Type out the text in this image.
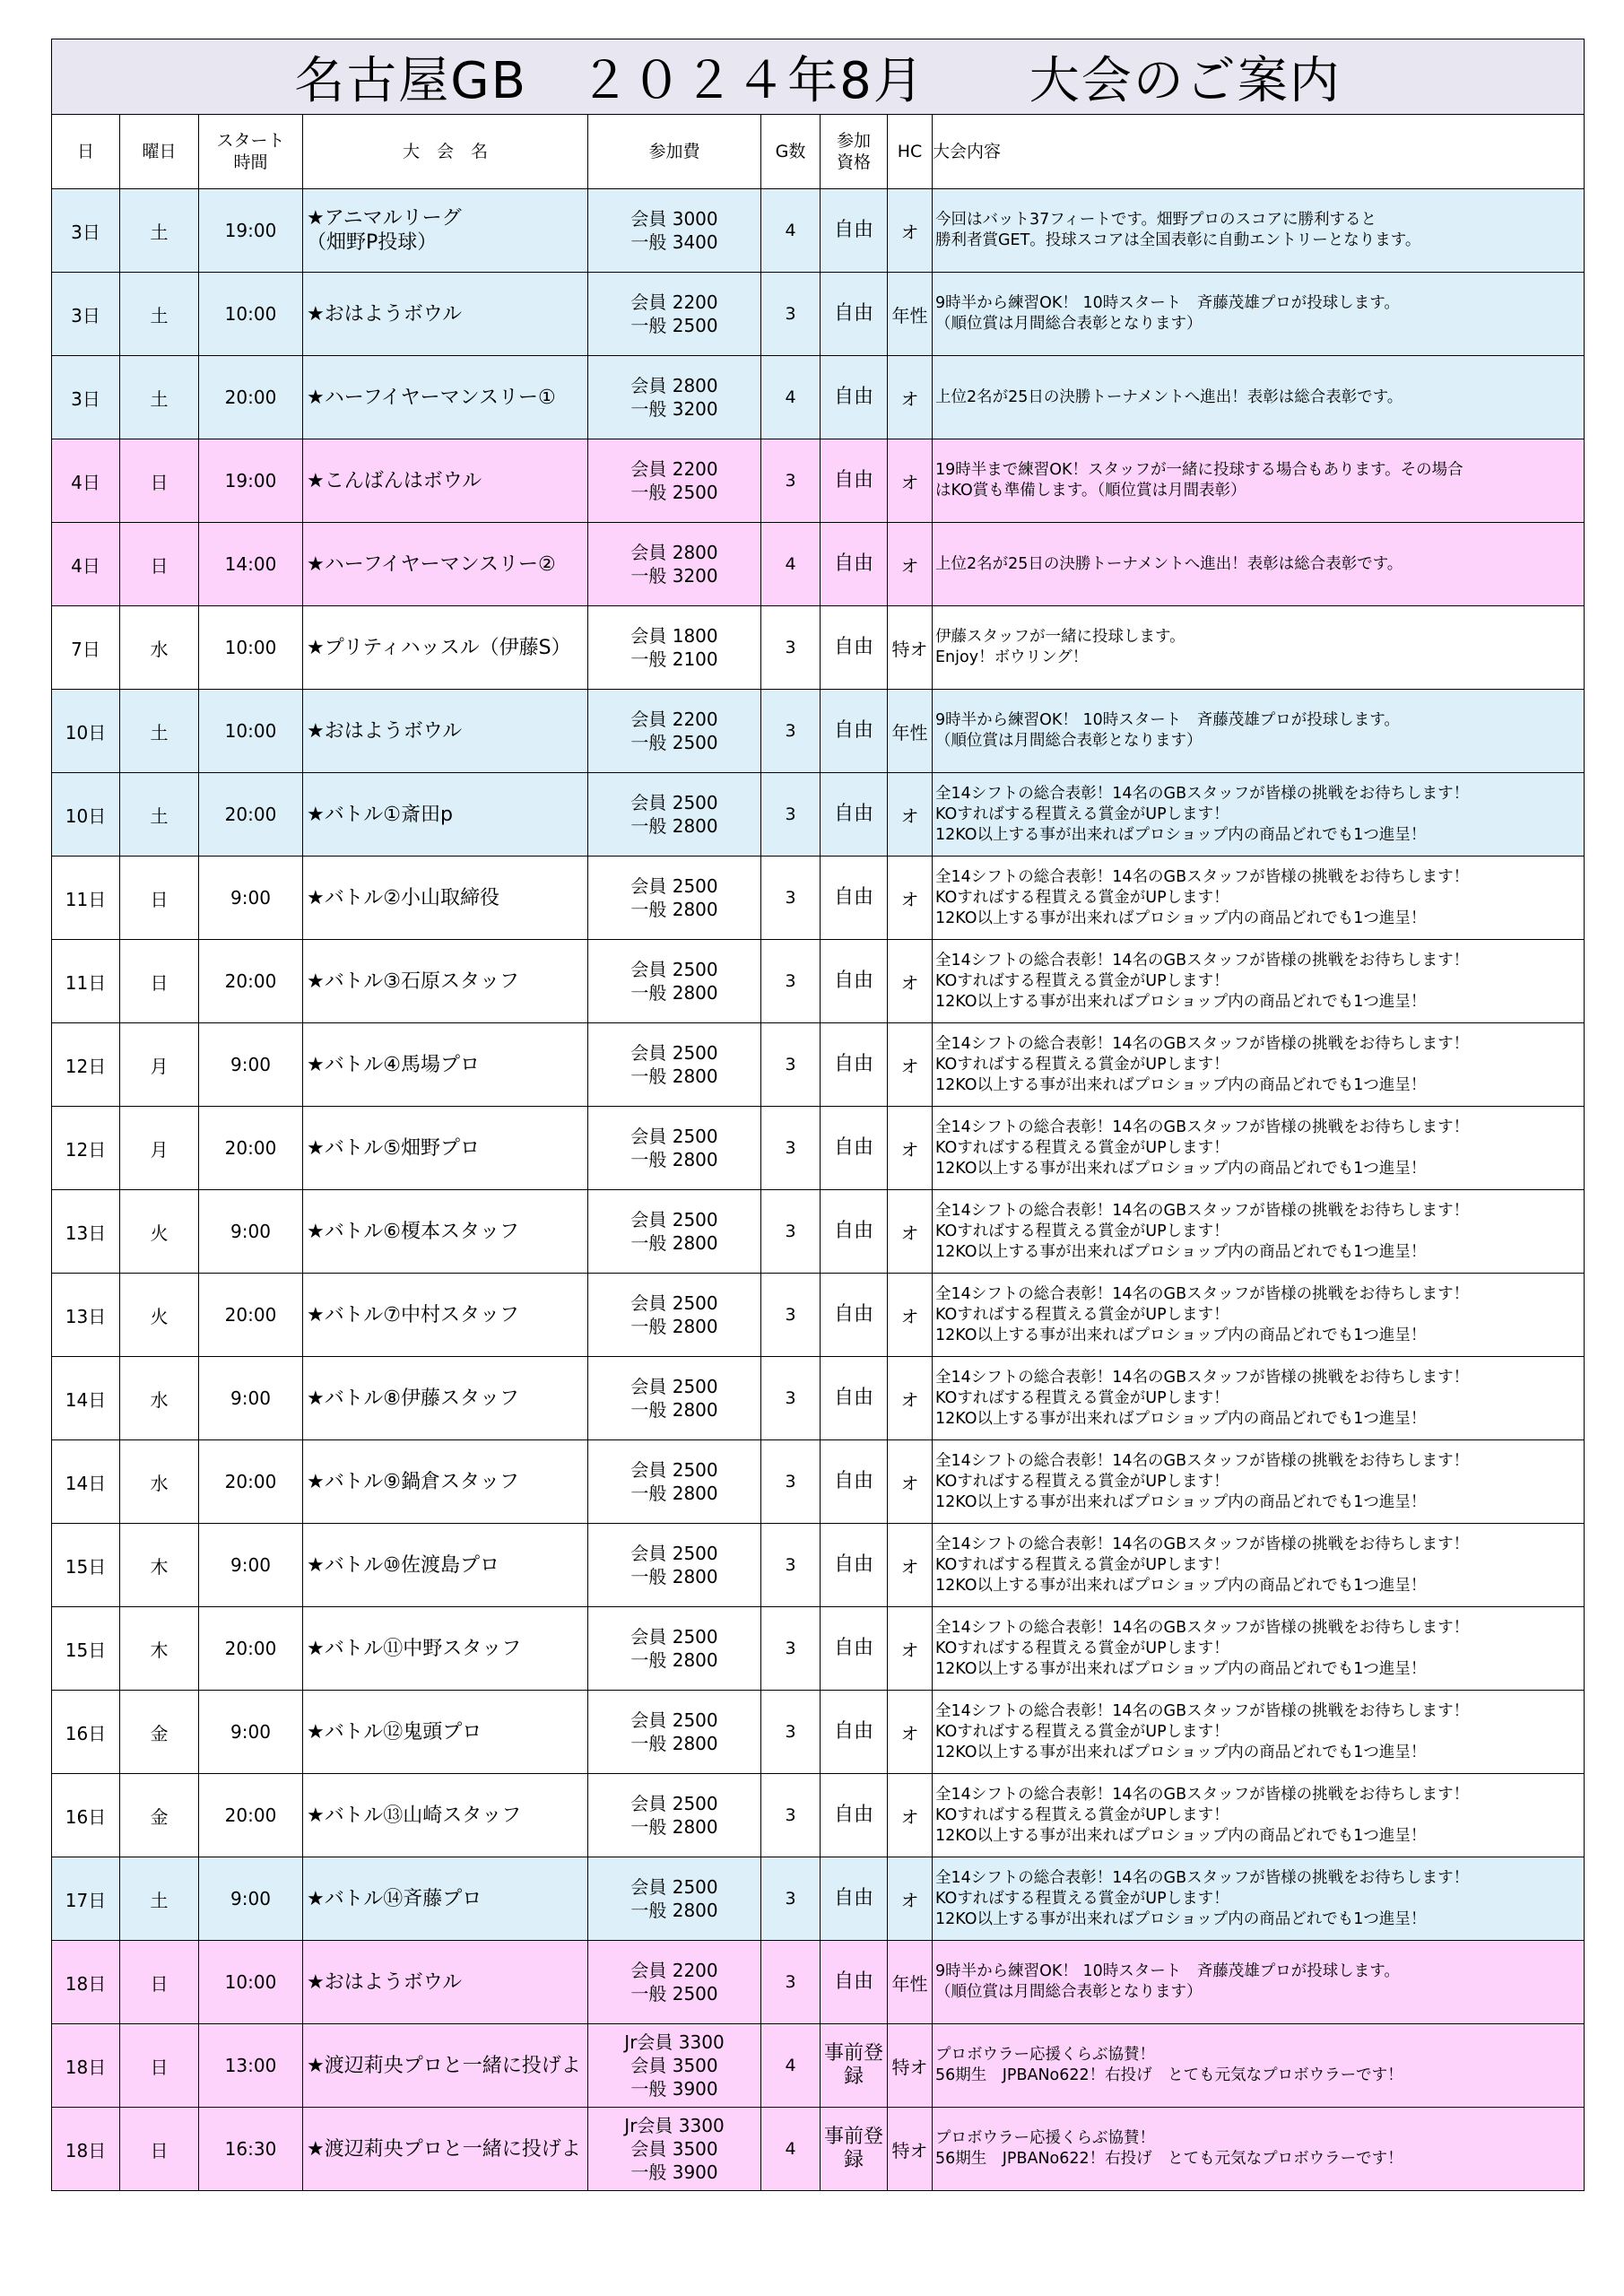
名古屋GB　２０２４年8月　　大会のご案内								
日	曜日	スタート
時間	大　会　名	参加費	G数	参加
資格	HC	大会内容
3日	土	19:00	★アニマルリーグ
（畑野P投球）	会員 3000
一般 3400	4	自由	オ	今回はバット37フィートです。畑野プロのスコアに勝利すると
勝利者賞GET。投球スコアは全国表彰に自動エントリーとなります。
3日	土	10:00	★おはようボウル	会員 2200
一般 2500	3	自由	年性	9時半から練習OK！ 10時スタート　斉藤茂雄プロが投球します。
（順位賞は月間総合表彰となります）
3日	土	20:00	★ハーフイヤーマンスリー①	会員 2800
一般 3200	4	自由	オ	上位2名が25日の決勝トーナメントへ進出！表彰は総合表彰です。
4日	日	19:00	★こんばんはボウル	会員 2200
一般 2500	3	自由	オ	19時半まで練習OK！スタッフが一緒に投球する場合もあります。その場合
はKO賞も準備します。（順位賞は月間表彰）
4日	日	14:00	★ハーフイヤーマンスリー②	会員 2800
一般 3200	4	自由	オ	上位2名が25日の決勝トーナメントへ進出！表彰は総合表彰です。
7日	水	10:00	★プリティハッスル（伊藤S）	会員 1800
一般 2100	3	自由	特オ	伊藤スタッフが一緒に投球します。
Enjoy！ボウリング！
10日	土	10:00	★おはようボウル	会員 2200
一般 2500	3	自由	年性	9時半から練習OK！ 10時スタート　斉藤茂雄プロが投球します。
（順位賞は月間総合表彰となります）
10日	土	20:00	★バトル①斎田p	会員 2500
一般 2800	3	自由	オ	全14シフトの総合表彰！14名のGBスタッフが皆様の挑戦をお待ちします！
KOすればする程貰える賞金がUPします！
12KO以上する事が出来ればプロショップ内の商品どれでも1つ進呈！
11日	日	9:00	★バトル②小山取締役	会員 2500
一般 2800	3	自由	オ	全14シフトの総合表彰！14名のGBスタッフが皆様の挑戦をお待ちします！
KOすればする程貰える賞金がUPします！
12KO以上する事が出来ればプロショップ内の商品どれでも1つ進呈！
11日	日	20:00	★バトル③石原スタッフ	会員 2500
一般 2800	3	自由	オ	全14シフトの総合表彰！14名のGBスタッフが皆様の挑戦をお待ちします！
KOすればする程貰える賞金がUPします！
12KO以上する事が出来ればプロショップ内の商品どれでも1つ進呈！
12日	月	9:00	★バトル④馬場プロ	会員 2500
一般 2800	3	自由	オ	全14シフトの総合表彰！14名のGBスタッフが皆様の挑戦をお待ちします！
KOすればする程貰える賞金がUPします！
12KO以上する事が出来ればプロショップ内の商品どれでも1つ進呈！
12日	月	20:00	★バトル⑤畑野プロ	会員 2500
一般 2800	3	自由	オ	全14シフトの総合表彰！14名のGBスタッフが皆様の挑戦をお待ちします！
KOすればする程貰える賞金がUPします！
12KO以上する事が出来ればプロショップ内の商品どれでも1つ進呈！
13日	火	9:00	★バトル⑥榎本スタッフ	会員 2500
一般 2800	3	自由	オ	全14シフトの総合表彰！14名のGBスタッフが皆様の挑戦をお待ちします！
KOすればする程貰える賞金がUPします！
12KO以上する事が出来ればプロショップ内の商品どれでも1つ進呈！
13日	火	20:00	★バトル⑦中村スタッフ	会員 2500
一般 2800	3	自由	オ	全14シフトの総合表彰！14名のGBスタッフが皆様の挑戦をお待ちします！
KOすればする程貰える賞金がUPします！
12KO以上する事が出来ればプロショップ内の商品どれでも1つ進呈！
14日	水	9:00	★バトル⑧伊藤スタッフ	会員 2500
一般 2800	3	自由	オ	全14シフトの総合表彰！14名のGBスタッフが皆様の挑戦をお待ちします！
KOすればする程貰える賞金がUPします！
12KO以上する事が出来ればプロショップ内の商品どれでも1つ進呈！
14日	水	20:00	★バトル⑨鍋倉スタッフ	会員 2500
一般 2800	3	自由	オ	全14シフトの総合表彰！14名のGBスタッフが皆様の挑戦をお待ちします！
KOすればする程貰える賞金がUPします！
12KO以上する事が出来ればプロショップ内の商品どれでも1つ進呈！
15日	木	9:00	★バトル⑩佐渡島プロ	会員 2500
一般 2800	3	自由	オ	全14シフトの総合表彰！14名のGBスタッフが皆様の挑戦をお待ちします！
KOすればする程貰える賞金がUPします！
12KO以上する事が出来ればプロショップ内の商品どれでも1つ進呈！
15日	木	20:00	★バトル⑪中野スタッフ	会員 2500
一般 2800	3	自由	オ	全14シフトの総合表彰！14名のGBスタッフが皆様の挑戦をお待ちします！
KOすればする程貰える賞金がUPします！
12KO以上する事が出来ればプロショップ内の商品どれでも1つ進呈！
16日	金	9:00	★バトル⑫鬼頭プロ	会員 2500
一般 2800	3	自由	オ	全14シフトの総合表彰！14名のGBスタッフが皆様の挑戦をお待ちします！
KOすればする程貰える賞金がUPします！
12KO以上する事が出来ればプロショップ内の商品どれでも1つ進呈！
16日	金	20:00	★バトル⑬山崎スタッフ	会員 2500
一般 2800	3	自由	オ	全14シフトの総合表彰！14名のGBスタッフが皆様の挑戦をお待ちします！
KOすればする程貰える賞金がUPします！
12KO以上する事が出来ればプロショップ内の商品どれでも1つ進呈！
17日	土	9:00	★バトル⑭斉藤プロ	会員 2500
一般 2800	3	自由	オ	全14シフトの総合表彰！14名のGBスタッフが皆様の挑戦をお待ちします！
KOすればする程貰える賞金がUPします！
12KO以上する事が出来ればプロショップ内の商品どれでも1つ進呈！
18日	日	10:00	★おはようボウル	会員 2200
一般 2500	3	自由	年性	9時半から練習OK！ 10時スタート　斉藤茂雄プロが投球します。
（順位賞は月間総合表彰となります）
18日	日	13:00	★渡辺莉央プロと一緒に投げよ	Jr会員 3300
会員 3500
一般 3900	4	事前登
録	特オ	プロボウラー応援くらぶ協賛！
56期生　JPBANo622！右投げ　とても元気なプロボウラーです！
18日	日	16:30	★渡辺莉央プロと一緒に投げよ	Jr会員 3300
会員 3500
一般 3900	4	事前登
録	特オ	プロボウラー応援くらぶ協賛！
56期生　JPBANo622！右投げ　とても元気なプロボウラーです！
